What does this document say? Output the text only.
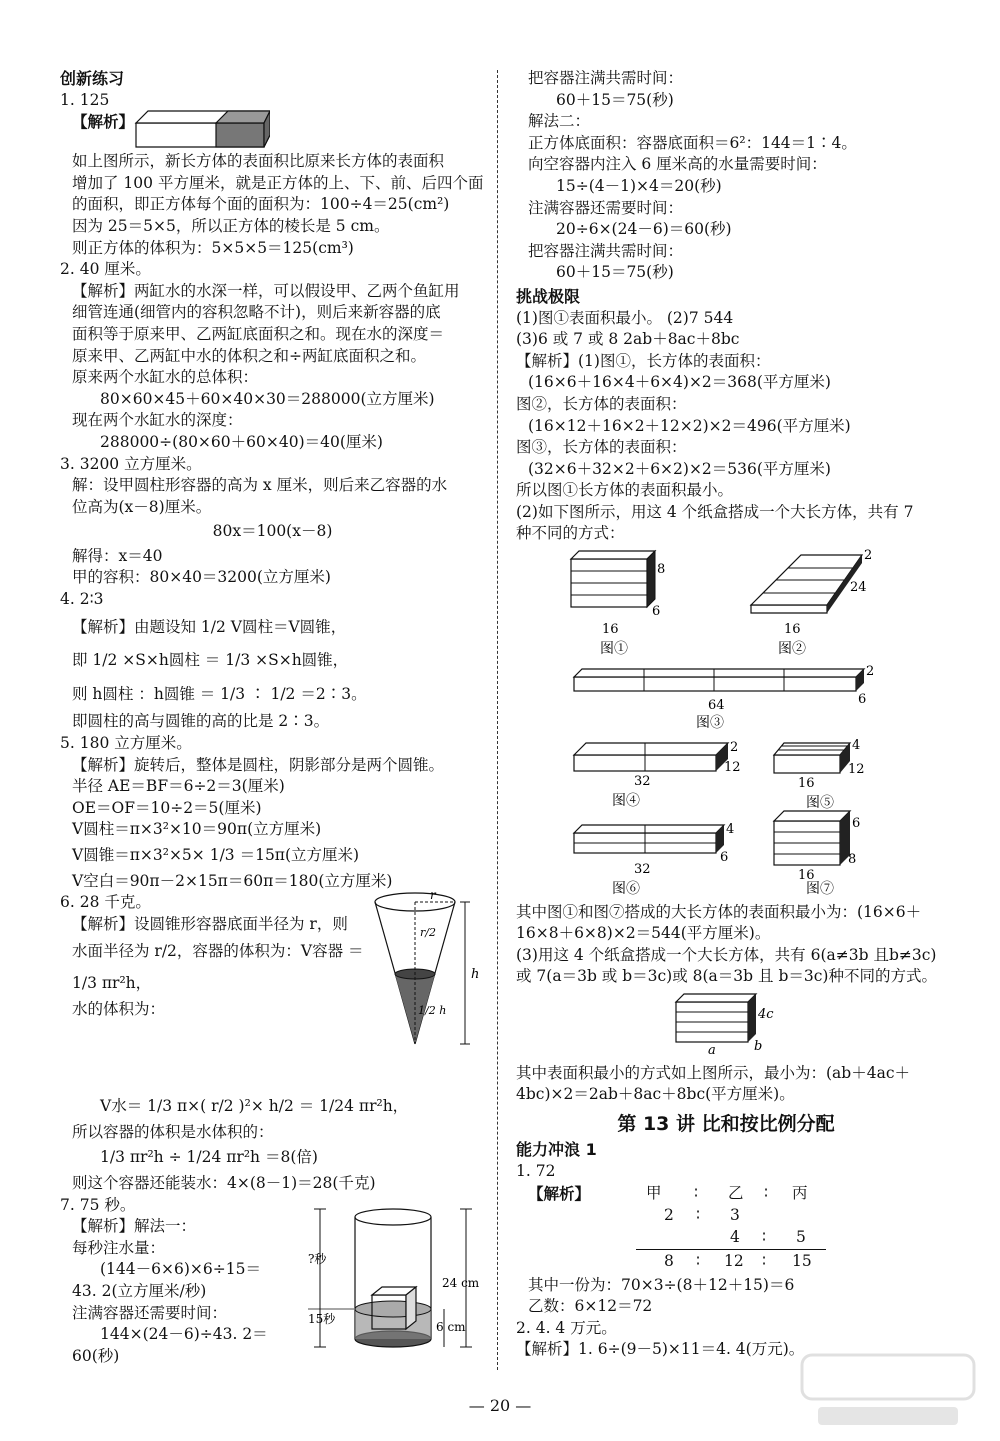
创新练习
1. 125
【解析】
如上图所示，新长方体的表面积比原来长方体的表面积
增加了 100 平方厘米，就是正方体的上、下、前、后四个面
的面积，即正方体每个面的面积为：100÷4＝25(cm²)
因为 25＝5×5，所以正方体的棱长是 5 cm。
则正方体的体积为：5×5×5＝125(cm³)
2. 40 厘米。
【解析】两缸水的水深一样，可以假设甲、乙两个鱼缸用
细管连通(细管内的容积忽略不计)，则后来新容器的底
面积等于原来甲、乙两缸底面积之和。现在水的深度＝
原来甲、乙两缸中水的体积之和÷两缸底面积之和。
原来两个水缸水的总体积：
80×60×45＋60×40×30＝288000(立方厘米)
现在两个水缸水的深度：
288000÷(80×60＋60×40)＝40(厘米)
3. 3200 立方厘米。
解：设甲圆柱形容器的高为 x 厘米，则后来乙容器的水
位高为(x－8)厘米。
80x＝100(x－8)
解得：x＝40
甲的容积：80×40＝3200(立方厘米)
4. 2∶3
【解析】由题设知 1/2 V圆柱＝V圆锥，
即 1/2 ×S×h圆柱 ＝ 1/3 ×S×h圆锥，
则 h圆柱 ：h圆锥 ＝ 1/3 ∶ 1/2 ＝2∶3。
即圆柱的高与圆锥的高的比是 2∶3。
5. 180 立方厘米。
【解析】旋转后，整体是圆柱，阴影部分是两个圆锥。
半径 AE＝BF＝6÷2＝3(厘米)
OE＝OF＝10÷2＝5(厘米)
V圆柱＝π×3²×10＝90π(立方厘米)
V圆锥＝π×3²×5× 1/3 ＝15π(立方厘米)
V空白＝90π－2×15π＝60π＝180(立方厘米)
6. 28 千克。
【解析】设圆锥形容器底面半径为 r，则
水面半径为 r/2，容器的体积为：V容器 ＝
1/3 πr²h，
水的体积为：
r
r/2
1/2 h
h
V水＝ 1/3 π×( r/2 )²× h/2 ＝ 1/24 πr²h，
所以容器的体积是水体积的：
1/3 πr²h ÷ 1/24 πr²h ＝8(倍)
则这个容器还能装水：4×(8－1)＝28(千克)
7. 75 秒。
【解析】解法一：
每秒注水量：
(144－6×6)×6÷15＝
43. 2(立方厘米/秒)
注满容器还需要时间：
144×(24－6)÷43. 2＝
60(秒)
?秒
15秒
24 cm
6 cm
把容器注满共需时间：
60＋15＝75(秒)
解法二：
正方体底面积：容器底面积＝6²：144＝1∶4。
向空容器内注入 6 厘米高的水量需要时间：
15÷(4－1)×4＝20(秒)
注满容器还需要时间：
20÷6×(24－6)＝60(秒)
把容器注满共需时间：
60＋15＝75(秒)
挑战极限
(1)图①表面积最小。 (2)7 544
(3)6 或 7 或 8 2ab＋8ac＋8bc
【解析】(1)图①，长方体的表面积：
(16×6＋16×4＋6×4)×2＝368(平方厘米)
图②，长方体的表面积：
(16×12＋16×2＋12×2)×2＝496(平方厘米)
图③，长方体的表面积：
(32×6＋32×2＋6×2)×2＝536(平方厘米)
所以图①长方体的表面积最小。
(2)如下图所示，用这 4 个纸盒搭成一个大长方体，共有 7
种不同的方式：
8
6
16
图①
2
24
16
图②
2
6
64
图③
2
12
32
图④
4
12
16
图⑤
4
6
32
图⑥
6
8
16
图⑦
其中图①和图⑦搭成的大长方体的表面积最小为：(16×6＋
16×8＋6×8)×2＝544(平方厘米)。
(3)用这 4 个纸盒搭成一个大长方体，共有 6(a≠3b 且b≠3c)
或 7(a＝3b 或 b＝3c)或 8(a＝3b 且 b＝3c)种不同的方式。
4c
b
a
其中表面积最小的方式如上图所示，最小为：(ab＋4ac＋
4bc)×2＝2ab＋8ac＋8bc(平方厘米)。
第 13 讲 比和按比例分配
能力冲浪 1
1. 72
【解析】	甲 ∶ 乙 ∶ 丙
2 ∶ 3
4 ∶ 5
8 ∶ 12 ∶ 15
其中一份为：70×3÷(8＋12＋15)＝6
乙数：6×12＝72
2. 4. 4 万元。
【解析】1. 6÷(9－5)×11＝4. 4(万元)。
— 20 —
